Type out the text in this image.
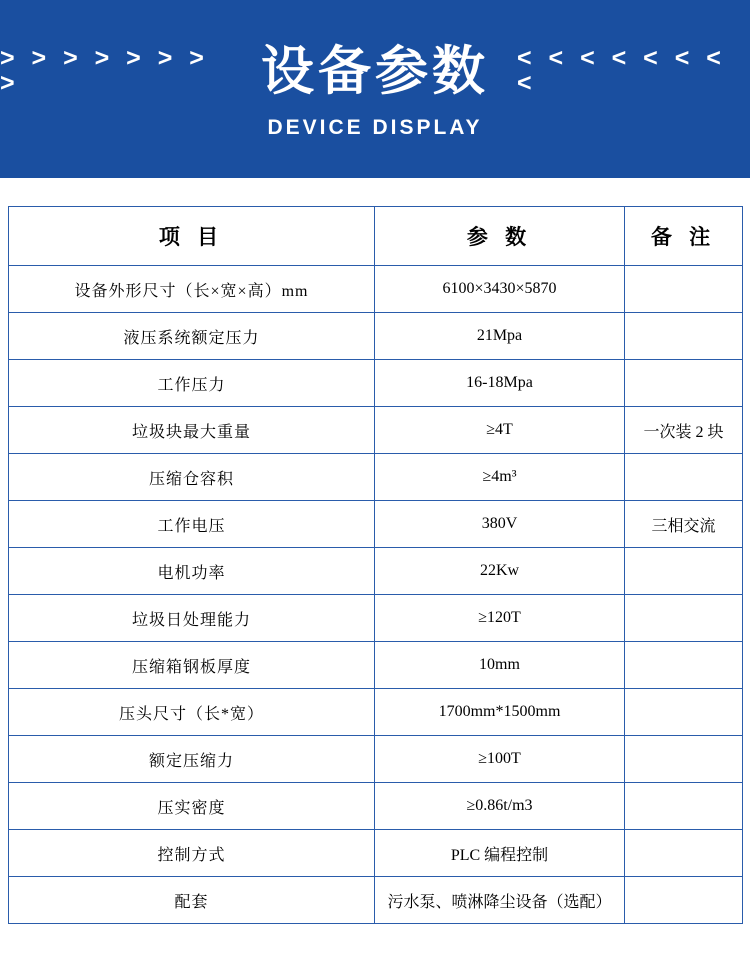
> > > > > > > >	设备参数 < < < < < < < <
DEVICE DISPLAY
项 目	参 数	备 注
设备外形尺寸（长×宽×高）mm	6100×3430×5870	
液压系统额定压力	21Mpa	
工作压力	16-18Mpa	
垃圾块最大重量	≥4T	一次装 2 块
压缩仓容积	≥4m³	
工作电压	380V	三相交流
电机功率	22Kw	
垃圾日处理能力	≥120T	
压缩箱钢板厚度	10mm	
压头尺寸（长*宽）	1700mm*1500mm	
额定压缩力	≥100T	
压实密度	≥0.86t/m3	
控制方式	PLC 编程控制	
配套	污水泵、喷淋降尘设备（选配）	
